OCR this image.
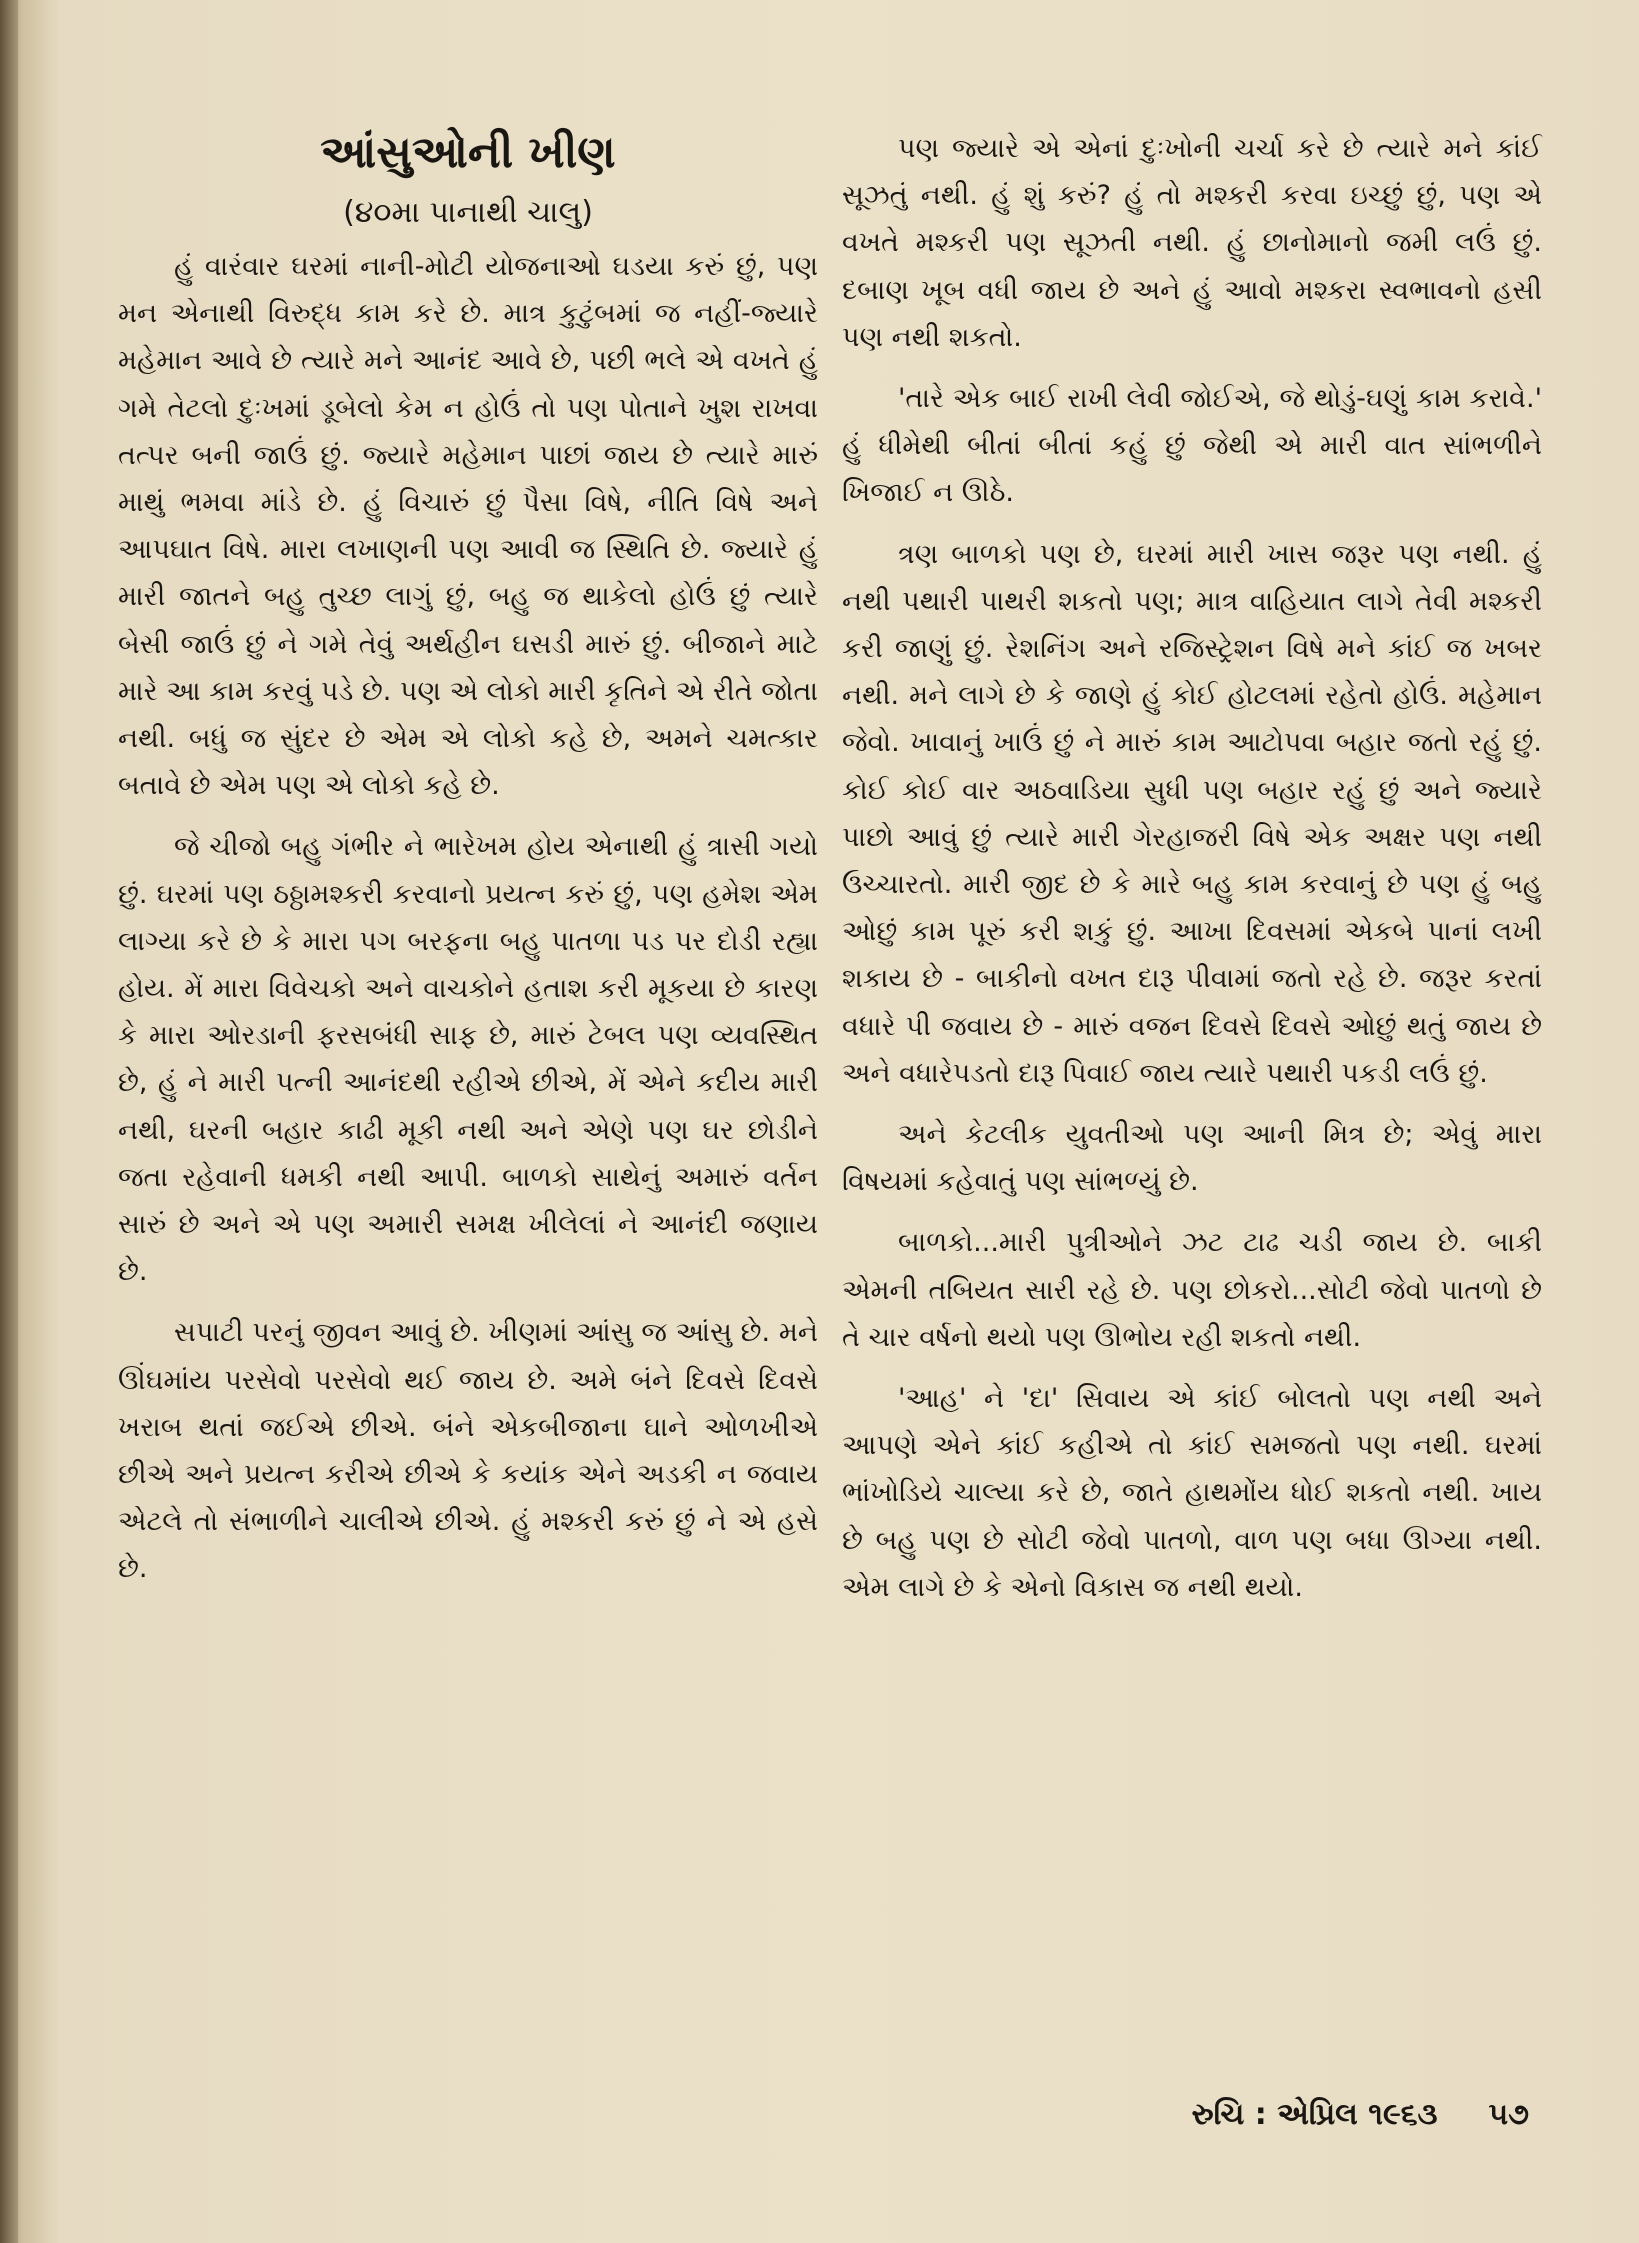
આંસુઓની ખીણ
(૪૦મા પાનાથી ચાલુ)

હું વારંવાર ઘરમાં નાની-મોટી યોજનાઓ ઘડયા કરું છું, પણ મન એનાથી વિરુદ્ધ કામ કરે છે. માત્ર કુટુંબમાં જ નહીં-જ્યારે મહેમાન આવે છે ત્યારે મને આનંદ આવે છે, પછી ભલે એ વખતે હું ગમે તેટલો દુઃખમાં ડૂબેલો કેમ ન હોઉં તો પણ પોતાને ખુશ રાખવા તત્પર બની જાઉં છું. જ્યારે મહેમાન પાછાં જાય છે ત્યારે મારું માથું ભમવા માંડે છે. હું વિચારું છું પૈસા વિષે, નીતિ વિષે અને આપઘાત વિષે. મારા લખાણની પણ આવી જ સ્થિતિ છે. જ્યારે હું મારી જાતને બહુ તુચ્છ લાગું છું, બહુ જ થાકેલો હોઉં છું ત્યારે બેસી જાઉં છું ને ગમે તેવું અર્થહીન ઘસડી મારું છું. બીજાને માટે મારે આ કામ કરવું પડે છે. પણ એ લોકો મારી કૃતિને એ રીતે જોતા નથી. બધું જ સુંદર છે એમ એ લોકો કહે છે, અમને ચમત્કાર બતાવે છે એમ પણ એ લોકો કહે છે.

જે ચીજો બહુ ગંભીર ને ભારેખમ હોય એનાથી હું ત્રાસી ગયો છું. ઘરમાં પણ ઠઠ્ઠામશ્કરી કરવાનો પ્રયત્ન કરું છું, પણ હમેશ એમ લાગ્યા કરે છે કે મારા પગ બરફના બહુ પાતળા પડ પર દોડી રહ્યા હોય. મેં મારા વિવેચકો અને વાચકોને હતાશ કરી મૂકયા છે કારણ કે મારા ઓરડાની ફરસબંધી સાફ છે, મારું ટેબલ પણ વ્યવસ્થિત છે, હું ને મારી પત્ની આનંદથી રહીએ છીએ, મેં એને કદીય મારી નથી, ઘરની બહાર કાઢી મૂકી નથી અને એણે પણ ઘર છોડીને જતા રહેવાની ધમકી નથી આપી. બાળકો સાથેનું અમારું વર્તન સારું છે અને એ પણ અમારી સમક્ષ ખીલેલાં ને આનંદી જણાય છે.

સપાટી પરનું જીવન આવું છે. ખીણમાં આંસુ જ આંસુ છે. મને ઊંઘમાંય પરસેવો પરસેવો થઈ જાય છે. અમે બંને દિવસે દિવસે ખરાબ થતાં જઈએ છીએ. બંને એકબીજાના ઘાને ઓળખીએ છીએ અને પ્રયત્ન કરીએ છીએ કે કયાંક એને અડકી ન જવાય એટલે તો સંભાળીને ચાલીએ છીએ. હું મશ્કરી કરું છું ને એ હસે છે.

પણ જ્યારે એ એનાં દુઃખોની ચર્ચા કરે છે ત્યારે મને કાંઈ સૂઝતું નથી. હું શું કરું? હું તો મશ્કરી કરવા ઇચ્છું છું, પણ એ વખતે મશ્કરી પણ સૂઝતી નથી. હું છાનોમાનો જમી લઉં છું. દબાણ ખૂબ વધી જાય છે અને હું આવો મશ્કરા સ્વભાવનો હસી પણ નથી શકતો.

'તારે એક બાઈ રાખી લેવી જોઈએ, જે થોડું-ઘણું કામ કરાવે.' હું ધીમેથી બીતાં બીતાં કહું છું જેથી એ મારી વાત સાંભળીને ખિજાઈ ન ઊઠે.

ત્રણ બાળકો પણ છે, ઘરમાં મારી ખાસ જરૂર પણ નથી. હું નથી પથારી પાથરી શકતો પણ; માત્ર વાહિયાત લાગે તેવી મશ્કરી કરી જાણું છું. રેશનિંગ અને રજિસ્ટ્રેશન વિષે મને કાંઈ જ ખબર નથી. મને લાગે છે કે જાણે હું કોઈ હોટલમાં રહેતો હોઉં. મહેમાન જેવો. ખાવાનું ખાઉં છું ને મારું કામ આટોપવા બહાર જતો રહું છું. કોઈ કોઈ વાર અઠવાડિયા સુધી પણ બહાર રહું છું અને જ્યારે પાછો આવું છું ત્યારે મારી ગેરહાજરી વિષે એક અક્ષર પણ નથી ઉચ્ચારતો. મારી જીદ છે કે મારે બહુ કામ કરવાનું છે પણ હું બહુ ઓછું કામ પૂરું કરી શકું છું. આખા દિવસમાં એકબે પાનાં લખી શકાય છે - બાકીનો વખત દારૂ પીવામાં જતો રહે છે. જરૂર કરતાં વધારે પી જવાય છે - મારું વજન દિવસે દિવસે ઓછું થતું જાય છે અને વધારેપડતો દારૂ પિવાઈ જાય ત્યારે પથારી પકડી લઉં છું.

અને કેટલીક યુવતીઓ પણ આની મિત્ર છે; એવું મારા વિષયમાં કહેવાતું પણ સાંભળ્યું છે.

બાળકો...મારી પુત્રીઓને ઝટ ટાઢ ચડી જાય છે. બાકી એમની તબિયત સારી રહે છે. પણ છોકરો...સોટી જેવો પાતળો છે તે ચાર વર્ષનો થયો પણ ઊભોય રહી શકતો નથી.

'આહ' ને 'દા' સિવાય એ કાંઈ બોલતો પણ નથી અને આપણે એને કાંઈ કહીએ તો કાંઈ સમજતો પણ નથી. ઘરમાં ભાંખોડિયે ચાલ્યા કરે છે, જાતે હાથમોંય ધોઈ શકતો નથી. ખાય છે બહુ પણ છે સોટી જેવો પાતળો, વાળ પણ બધા ઊગ્યા નથી. એમ લાગે છે કે એનો વિકાસ જ નથી થયો.

રુચિ : એપ્રિલ ૧૯૬૩ ૫૭
